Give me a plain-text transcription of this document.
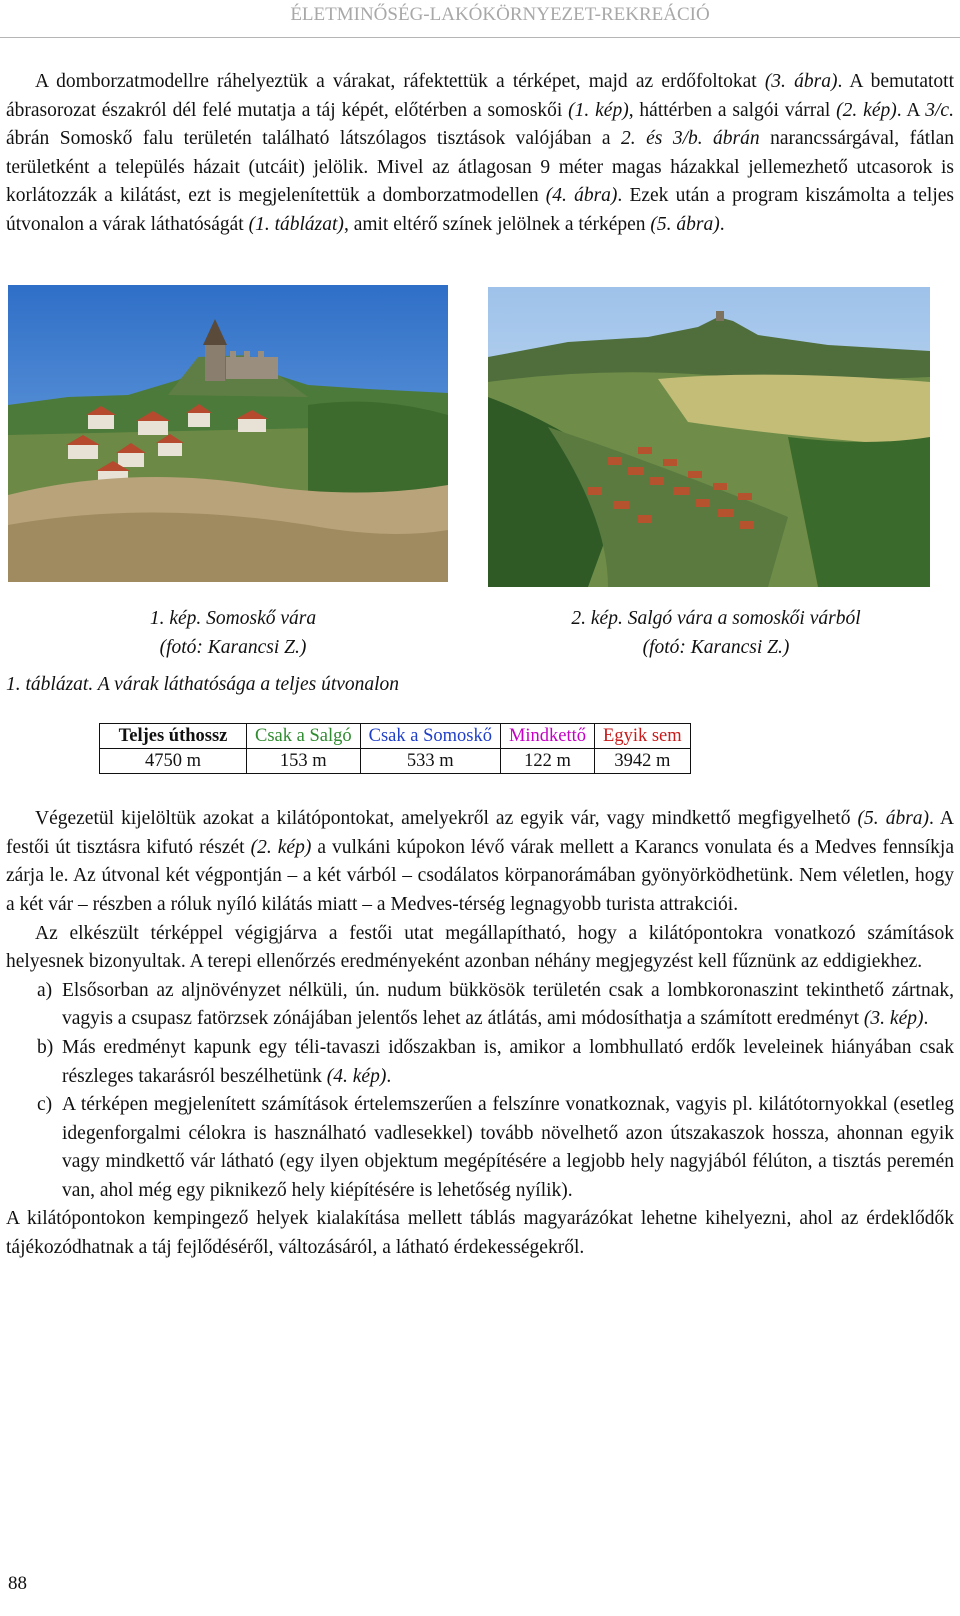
ÉLETMINŐSÉG-LAKÓKÖRNYEZET-REKREÁCIÓ

A domborzatmodellre ráhelyeztük a várakat, ráfektettük a térképet, majd az erdőfoltokat (3. ábra). A bemutatott ábrasorozat északról dél felé mutatja a táj képét, előtérben a somoskői (1. kép), háttérben a salgói várral (2. kép). A 3/c. ábrán Somoskő falu területén található látszólagos tisztások valójában a 2. és 3/b. ábrán narancssárgával, fátlan területként a település házait (utcáit) jelölik. Mivel az átlagosan 9 méter magas házakkal jellemezhető utcasorok is korlátozzák a kilátást, ezt is megjelenítettük a domborzatmodellen (4. ábra). Ezek után a program kiszámolta a teljes útvonalon a várak láthatóságát (1. táblázat), amit eltérő színek jelölnek a térképen (5. ábra).

1. kép. Somoskő vára
(fotó: Karancsi Z.)
2. kép. Salgó vára a somoskői várból
(fotó: Karancsi Z.)
1. táblázat. A várak láthatósága a teljes útvonalon
Teljes úthossz	Csak a Salgó	Csak a Somoskő	Mindkettő	Egyik sem
4750 m	153 m	533 m	122 m	3942 m

Végezetül kijelöltük azokat a kilátópontokat, amelyekről az egyik vár, vagy mindkettő megfigyelhető (5. ábra). A festői út tisztásra kifutó részét (2. kép) a vulkáni kúpokon lévő várak mellett a Karancs vonulata és a Medves fennsíkja zárja le. Az útvonal két végpontján – a két várból – csodálatos körpanorámában gyönyörködhetünk. Nem véletlen, hogy a két vár – részben a róluk nyíló kilátás miatt – a Medves-térség legnagyobb turista attrakciói.

Az elkészült térképpel végigjárva a festői utat megállapítható, hogy a kilátópontokra vonatkozó számítások helyesnek bizonyultak. A terepi ellenőrzés eredményeként azonban néhány megjegyzést kell fűznünk az eddigiekhez.

a) Elsősorban az aljnövényzet nélküli, ún. nudum bükkösök területén csak a lombkoronaszint tekinthető zártnak, vagyis a csupasz fatörzsek zónájában jelentős lehet az átlátás, ami módosíthatja a számított eredményt (3. kép).
b) Más eredményt kapunk egy téli-tavaszi időszakban is, amikor a lombhullató erdők leveleinek hiányában csak részleges takarásról beszélhetünk (4. kép).
c) A térképen megjelenített számítások értelemszerűen a felszínre vonatkoznak, vagyis pl. kilátótornyokkal (esetleg idegenforgalmi célokra is használható vadlesekkel) tovább növelhető azon útszakaszok hossza, ahonnan egyik vagy mindkettő vár látható (egy ilyen objektum megépítésére a legjobb hely nagyjából félúton, a tisztás peremén van, ahol még egy piknikező hely kiépítésére is lehetőség nyílik).

A kilátópontokon kempingező helyek kialakítása mellett táblás magyarázókat lehetne kihelyezni, ahol az érdeklődők tájékozódhatnak a táj fejlődéséről, változásáról, a látható érdekességekről.

88
